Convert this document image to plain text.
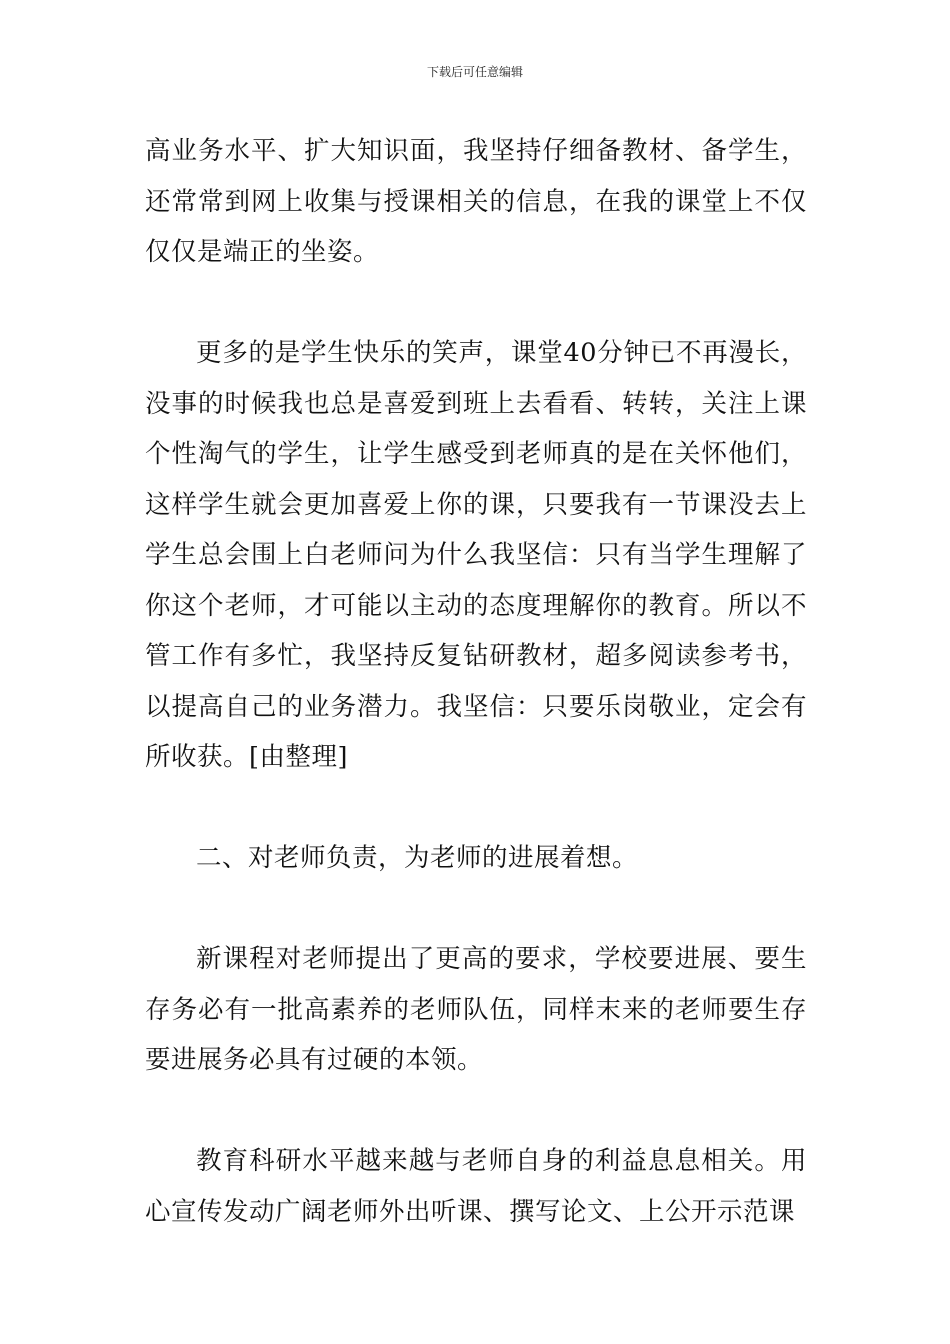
下载后可任意编辑

高业务水平、扩大知识面，我坚持仔细备教材、备学生，还常常到网上收集与授课相关的信息，在我的课堂上不仅仅仅是端正的坐姿。

更多的是学生快乐的笑声，课堂40分钟已不再漫长，没事的时候我也总是喜爱到班上去看看、转转，关注上课个性淘气的学生，让学生感受到老师真的是在关怀他们，这样学生就会更加喜爱上你的课，只要我有一节课没去上学生总会围上白老师问为什么我坚信：只有当学生理解了你这个老师，才可能以主动的态度理解你的教育。所以不管工作有多忙，我坚持反复钻研教材，超多阅读参考书，以提高自己的业务潜力。我坚信：只要乐岗敬业，定会有所收获。[由整理]

二、对老师负责，为老师的进展着想。

新课程对老师提出了更高的要求，学校要进展、要生存务必有一批高素养的老师队伍，同样末来的老师要生存要进展务必具有过硬的本领。

教育科研水平越来越与老师自身的利益息息相关。用心宣传发动广阔老师外出听课、撰写论文、上公开示范课
